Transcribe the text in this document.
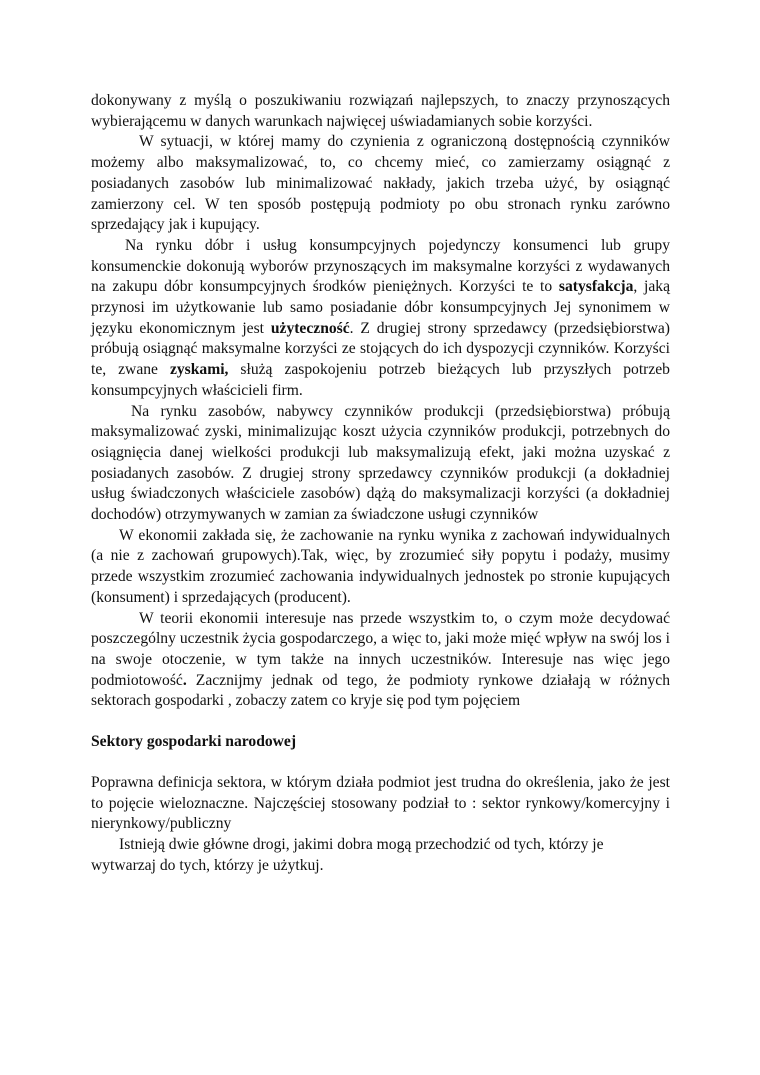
dokonywany z myślą o poszukiwaniu rozwiązań najlepszych, to znaczy przynoszących wybierającemu w danych warunkach najwięcej uświadamianych sobie korzyści.

W sytuacji, w której mamy do czynienia z ograniczoną dostępnością czynników możemy albo maksymalizować, to, co chcemy mieć, co zamierzamy osiągnąć z posiadanych zasobów lub minimalizować nakłady, jakich trzeba użyć, by osiągnąć zamierzony cel. W ten sposób postępują podmioty po obu stronach rynku zarówno sprzedający jak i kupujący.

Na rynku dóbr i usług konsumpcyjnych pojedynczy konsumenci lub grupy konsumenckie dokonują wyborów przynoszących im maksymalne korzyści z wydawanych na zakupu dóbr konsumpcyjnych środków pieniężnych. Korzyści te to satysfakcja, jaką przynosi im użytkowanie lub samo posiadanie dóbr konsumpcyjnych Jej synonimem w języku ekonomicznym jest użyteczność. Z drugiej strony sprzedawcy (przedsiębiorstwa) próbują osiągnąć maksymalne korzyści ze stojących do ich dyspozycji czynników. Korzyści te, zwane zyskami, służą zaspokojeniu potrzeb bieżących lub przyszłych potrzeb konsumpcyjnych właścicieli firm.

Na rynku zasobów, nabywcy czynników produkcji (przedsiębiorstwa) próbują maksymalizować zyski, minimalizując koszt użycia czynników produkcji, potrzebnych do osiągnięcia danej wielkości produkcji lub maksymalizują efekt, jaki można uzyskać z posiadanych zasobów. Z drugiej strony sprzedawcy czynników produkcji (a dokładniej usług świadczonych właściciele zasobów) dążą do maksymalizacji korzyści (a dokładniej dochodów) otrzymywanych w zamian za świadczone usługi czynników

W ekonomii zakłada się, że zachowanie na rynku wynika z zachowań indywidualnych (a nie z zachowań grupowych).Tak, więc, by zrozumieć siły popytu i podaży, musimy przede wszystkim zrozumieć zachowania indywidualnych jednostek po stronie kupujących (konsument) i sprzedających (producent).

W teorii ekonomii interesuje nas przede wszystkim to, o czym może decydować poszczególny uczestnik życia gospodarczego, a więc to, jaki może mięć wpływ na swój los i na swoje otoczenie, w tym także na innych uczestników. Interesuje nas więc jego podmiotowość. Zacznijmy jednak od tego, że podmioty rynkowe działają w różnych sektorach gospodarki , zobaczy zatem co kryje się pod tym pojęciem

Sektory gospodarki narodowej

Poprawna definicja sektora, w którym działa podmiot jest trudna do określenia, jako że jest to pojęcie wieloznaczne. Najczęściej stosowany podział to : sektor rynkowy/komercyjny i nierynkowy/publiczny

Istnieją dwie główne drogi, jakimi dobra mogą przechodzić od tych, którzy je wytwarzaj do tych, którzy je użytkuj.
